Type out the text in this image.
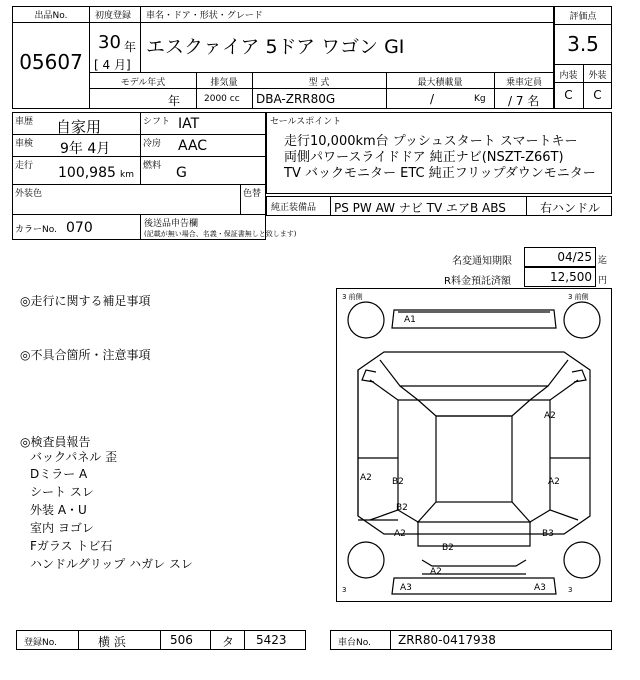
出品No.
05607
初度登録 車名・ドア・形状・グレード
30 年
[ 4 月]
エスクァイア 5ドア ワゴン GI
モデル年式	排気量	型 式	最大積載量	乗車定員
年	2000 cc DBA-ZRR80G	/	Kg / 7 名
評価点
3.5
内装	外装
C	C
車歴 自家用
車検 9年 4月
走行 100,985 km
シフト IAT
冷房 AAC
燃料 G
外装色	色替
カラーNo. 070	後送品申告欄
(記載が無い場合、名義・保証書無しと致します)
セールスポイント
走行10,000km台 プッシュスタート スマートキー
両側パワースライドドア 純正ナビ(NSZT-Z66T)
TV バックモニター ETC 純正フリップダウンモニター
純正装備品 PS PW AW ナビ TV エアB ABS	右ハンドル
名変通知期限	04/25 迄
R料金預託済額	12,500 円
◎走行に関する補足事項
◎不具合箇所・注意事項
◎検査員報告
バックパネル 歪
Dミラー A
シート スレ
外装 A・U
室内 ヨゴレ
Fガラス トビ石
ハンドルグリップ ハガレ スレ
3 前側	3 前側
3	3
A1
A2
A2	A2
B2
B2
A2	B3
B2
A3	A3
A2
登録No.	横 浜	506 タ 5423	車台No. ZRR80-0417938
